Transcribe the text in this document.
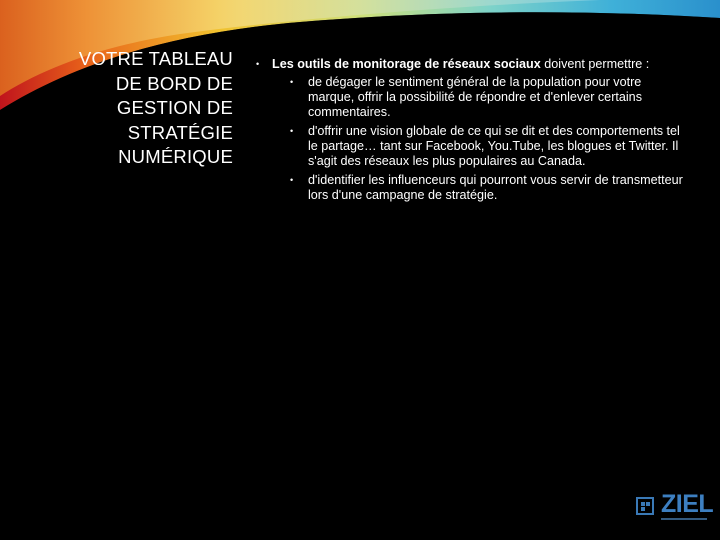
VOTRE TABLEAU DE BORD DE GESTION DE STRATÉGIE NUMÉRIQUE

• Les outils de monitorage de réseaux sociaux doivent permettre :

• de dégager le sentiment général de la population pour votre marque, offrir la possibilité de répondre et d'enlever certains commentaires.
• d'offrir une vision globale de ce qui se dit et des comportements tel le partage… tant sur Facebook, You.Tube, les blogues et Twitter. Il s'agit des réseaux les plus populaires au Canada.
• d'identifier les influenceurs qui pourront vous servir de transmetteur lors d'une campagne de stratégie.
ZIEL
